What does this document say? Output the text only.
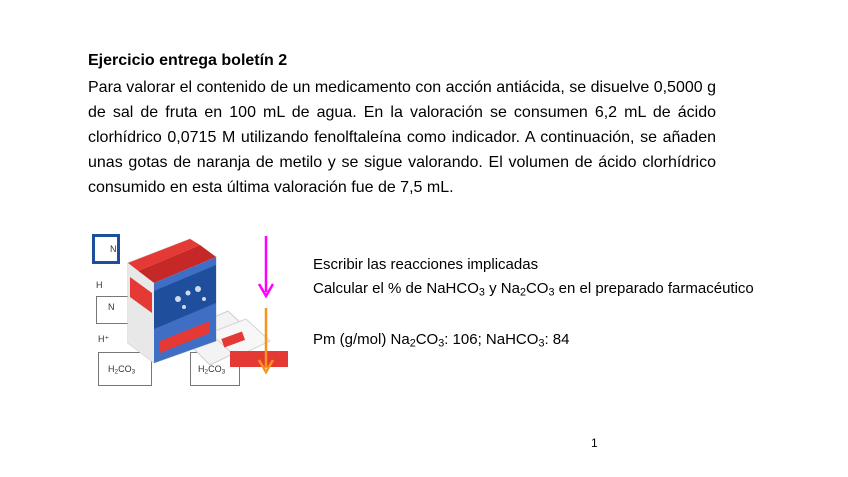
Ejercicio entrega boletín 2
Para valorar el contenido de un medicamento con acción antiácida, se disuelve 0,5000 g de sal de fruta en 100 mL de agua. En la valoración se consumen 6,2 mL de ácido clorhídrico 0,0715 M utilizando fenolftaleína como indicador. A continuación, se añaden unas gotas de naranja de metilo y se sigue valorando. El volumen de ácido clorhídrico consumido en esta última valoración fue de 7,5 mL.
N
H
N
H⁺
$H_2CO_3$	$H_2CO_3$
Escribir las reacciones implicadas
Calcular el % de NaHCO$_3$ y $Na_2CO_3$ en el preparado farmacéutico
Pm (g/mol) $Na_2CO_3$: 106; NaHCO$_3$: 84
1
